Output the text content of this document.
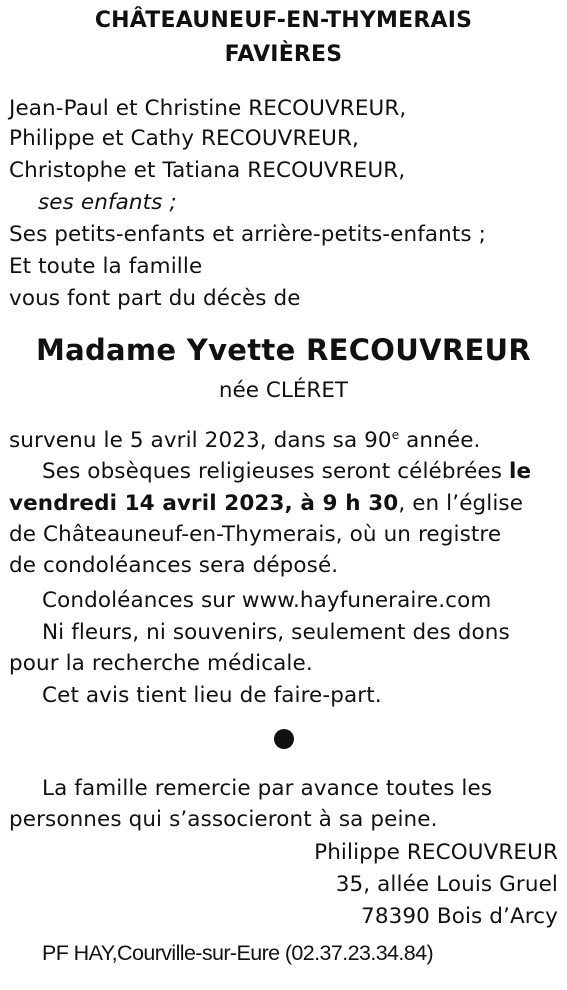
CHÂTEAUNEUF-EN-THYMERAIS
FAVIÈRES
Jean-Paul et Christine RECOUVREUR,
Philippe et Cathy RECOUVREUR,
Christophe et Tatiana RECOUVREUR,
ses enfants ;
Ses petits-enfants et arrière-petits-enfants ;
Et toute la famille
vous font part du décès de
Madame Yvette RECOUVREUR
née CLÉRET
survenu le 5 avril 2023, dans sa 90e année.
Ses obsèques religieuses seront célébrées le
vendredi 14 avril 2023, à 9 h 30, en l’église
de Châteauneuf-en-Thymerais, où un registre
de condoléances sera déposé.
Condoléances sur www.hayfuneraire.com
Ni fleurs, ni souvenirs, seulement des dons
pour la recherche médicale.
Cet avis tient lieu de faire-part.
La famille remercie par avance toutes les
personnes qui s’associeront à sa peine.
Philippe RECOUVREUR
35, allée Louis Gruel
78390 Bois d’Arcy
PF HAY,Courville-sur-Eure (02.37.23.34.84)
